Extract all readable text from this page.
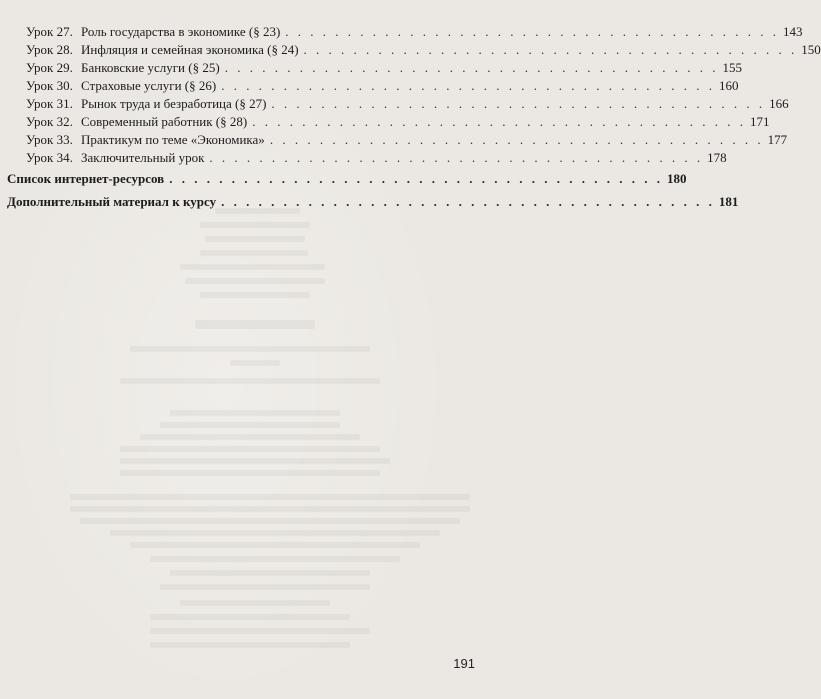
Урок 27. Роль государства в экономике (§ 23) . . . . . . . . . . . . . . . . . . . . . . . . . . . . . . . . . . . . . . . . 143
Урок 28. Инфляция и семейная экономика (§ 24) . . . . . . . . . . . . . . . . . . . . . . . . . . . . . . . . . . . . . . . . 150
Урок 29. Банковские услуги (§ 25) . . . . . . . . . . . . . . . . . . . . . . . . . . . . . . . . . . . . . . . . 155
Урок 30. Страховые услуги (§ 26) . . . . . . . . . . . . . . . . . . . . . . . . . . . . . . . . . . . . . . . . 160
Урок 31. Рынок труда и безработица (§ 27) . . . . . . . . . . . . . . . . . . . . . . . . . . . . . . . . . . . . . . . . 166
Урок 32. Современный работник (§ 28) . . . . . . . . . . . . . . . . . . . . . . . . . . . . . . . . . . . . . . . . 171
Урок 33. Практикум по теме «Экономика» . . . . . . . . . . . . . . . . . . . . . . . . . . . . . . . . . . . . . . . . 177
Урок 34. Заключительный урок . . . . . . . . . . . . . . . . . . . . . . . . . . . . . . . . . . . . . . . . 178
Список интернет-ресурсов . . . . . . . . . . . . . . . . . . . . . . . . . . . . . . . . . . . . . . . . 180
Дополнительный материал к курсу . . . . . . . . . . . . . . . . . . . . . . . . . . . . . . . . . . . . . . . . 181
191
